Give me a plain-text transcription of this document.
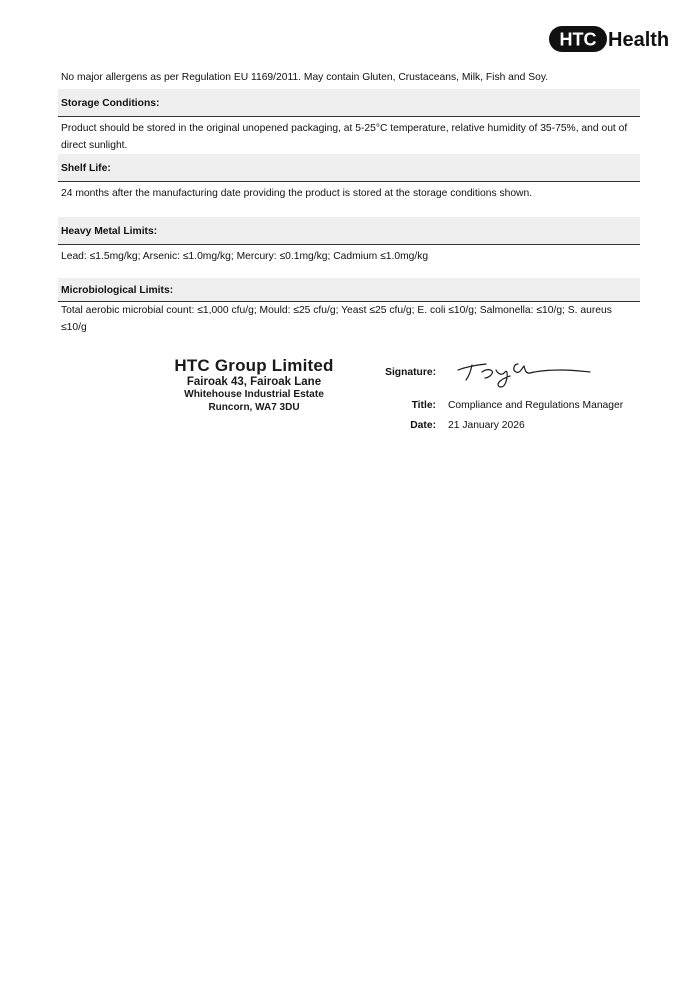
HTC Health
No major allergens as per Regulation EU 1169/2011. May contain Gluten, Crustaceans, Milk, Fish and Soy.
Storage Conditions:
Product should be stored in the original unopened packaging, at 5-25°C temperature, relative humidity of 35-75%, and out of direct sunlight.
Shelf Life:
24 months after the manufacturing date providing the product is stored at the storage conditions shown.
Heavy Metal Limits:
Lead: ≤1.5mg/kg; Arsenic: ≤1.0mg/kg; Mercury: ≤0.1mg/kg; Cadmium ≤1.0mg/kg
Microbiological Limits:
Total aerobic microbial count: ≤1,000 cfu/g; Mould: ≤25 cfu/g; Yeast ≤25 cfu/g; E. coli ≤10/g; Salmonella: ≤10/g; S. aureus ≤10/g
HTC Group Limited
Fairoak 43, Fairoak Lane
Whitehouse Industrial Estate
Runcorn, WA7 3DU
Signature:
Title: Compliance and Regulations Manager
Date: 21 January 2026
